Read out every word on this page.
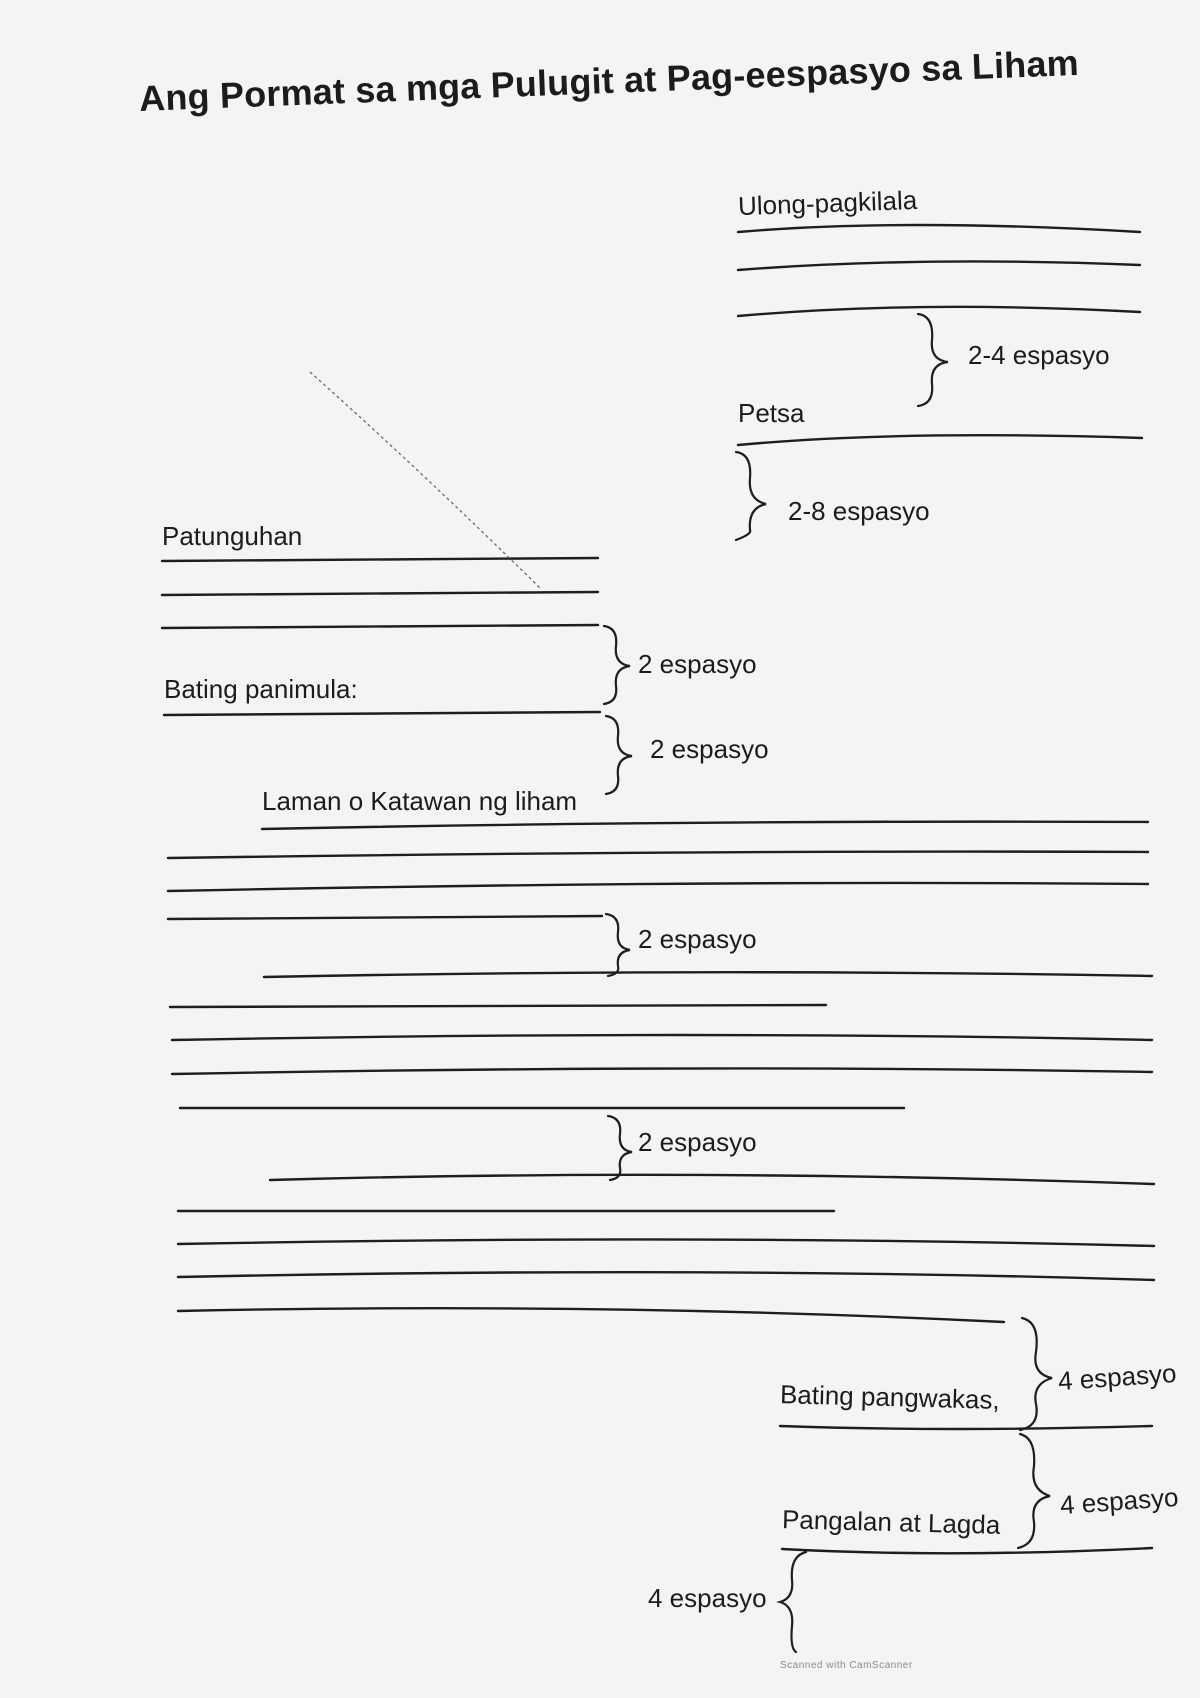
Ang Pormat sa mga Pulugit at Pag-eespasyo sa Liham
Ulong-pagkilala
Petsa
Patunguhan
Bating panimula:
Laman o Katawan ng liham
Bating pangwakas,
Pangalan at Lagda
2-4 espasyo
2-8 espasyo
2 espasyo
2 espasyo
2 espasyo
2 espasyo
4 espasyo
4 espasyo
4 espasyo
Scanned with CamScanner
